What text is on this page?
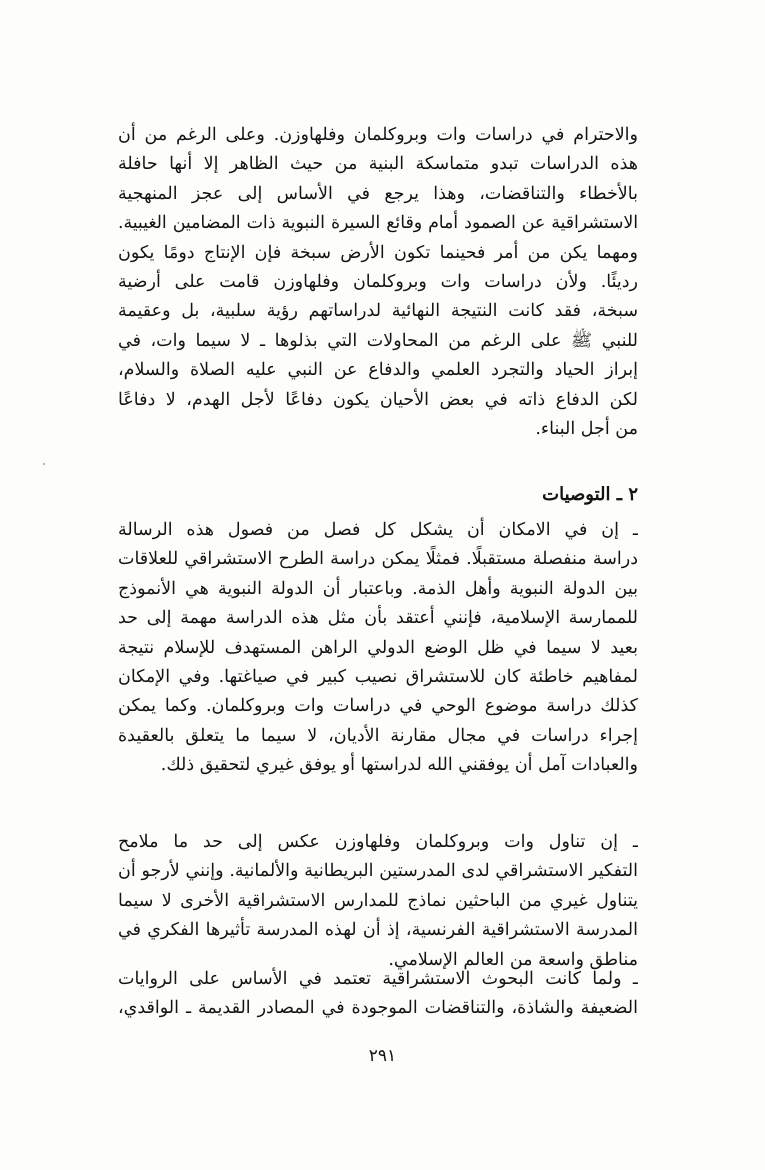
والاحترام في دراسات وات وبروكلمان وفلهاوزن. وعلى الرغم من أن
هذه الدراسات تبدو متماسكة البنية من حيث الظاهر إلا أنها حافلة
بالأخطاء والتناقضات، وهذا يرجع في الأساس إلى عجز المنهجية
الاستشراقية عن الصمود أمام وقائع السيرة النبوية ذات المضامين الغيبية.
ومهما يكن من أمر فحينما تكون الأرض سبخة فإن الإنتاج دومًا يكون
رديئًا. ولأن دراسات وات وبروكلمان وفلهاوزن قامت على أرضية
سبخة، فقد كانت النتيجة النهائية لدراساتهم رؤية سلبية، بل وعقيمة
للنبي ﷺ على الرغم من المحاولات التي بذلوها ـ لا سيما وات، في
إبراز الحياد والتجرد العلمي والدفاع عن النبي عليه الصلاة والسلام،
لكن الدفاع ذاته في بعض الأحيان يكون دفاعًا لأجل الهدم، لا دفاعًا
من أجل البناء.
٢ ـ التوصيات
ـ إن في الامكان أن يشكل كل فصل من فصول هذه الرسالة
دراسة منفصلة مستقبلًا. فمثلًا يمكن دراسة الطرح الاستشراقي للعلاقات
بين الدولة النبوية وأهل الذمة. وباعتبار أن الدولة النبوية هي الأنموذج
للممارسة الإسلامية، فإنني أعتقد بأن مثل هذه الدراسة مهمة إلى حد
بعيد لا سيما في ظل الوضع الدولي الراهن المستهدف للإسلام نتيجة
لمفاهيم خاطئة كان للاستشراق نصيب كبير في صياغتها. وفي الإمكان
كذلك دراسة موضوع الوحي في دراسات وات وبروكلمان. وكما يمكن
إجراء دراسات في مجال مقارنة الأديان، لا سيما ما يتعلق بالعقيدة
والعبادات آمل أن يوفقني الله لدراستها أو يوفق غيري لتحقيق ذلك.
ـ إن تناول وات وبروكلمان وفلهاوزن عكس إلى حد ما ملامح
التفكير الاستشراقي لدى المدرستين البريطانية والألمانية. وإنني لأرجو أن
يتناول غيري من الباحثين نماذج للمدارس الاستشراقية الأخرى لا سيما
المدرسة الاستشراقية الفرنسية، إذ أن لهذه المدرسة تأثيرها الفكري في
مناطق واسعة من العالم الإسلامي.
ـ ولما كانت البحوث الاستشراقية تعتمد في الأساس على الروايات
الضعيفة والشاذة، والتناقضات الموجودة في المصادر القديمة ـ الواقدي،
٢٩١
